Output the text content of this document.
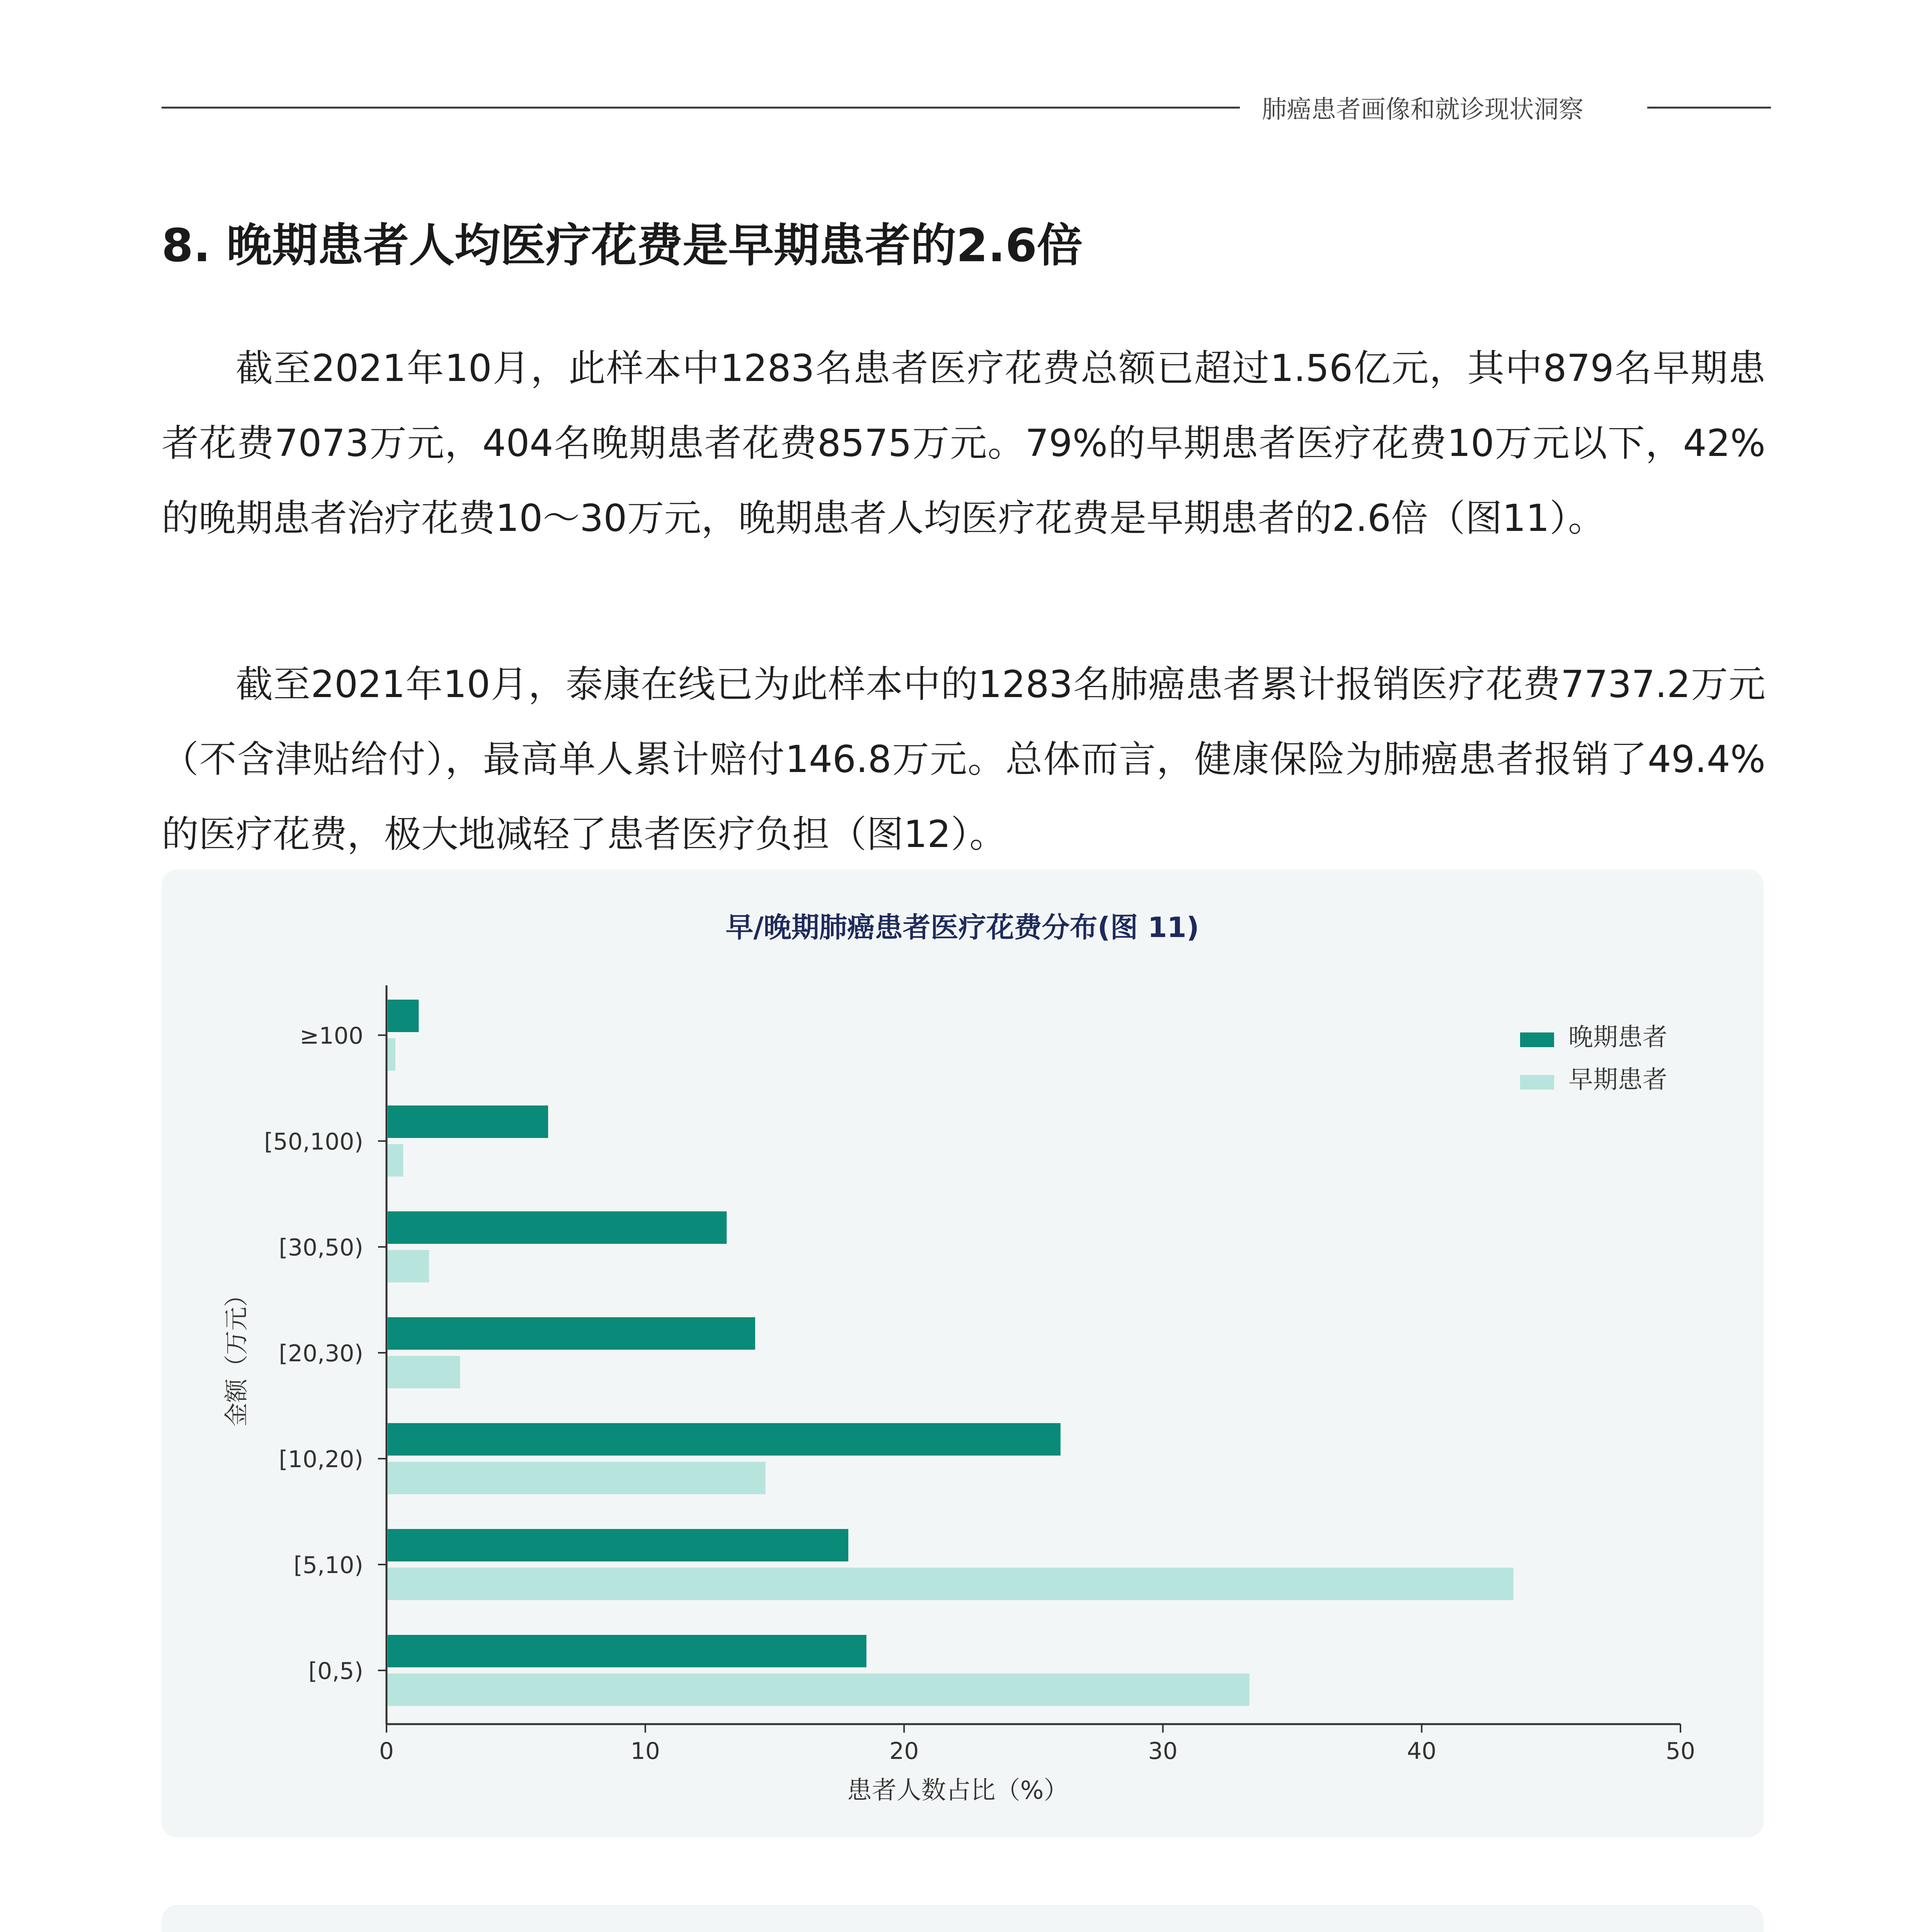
肺癌患者画像和就诊现状洞察
8. 晚期患者人均医疗花费是早期患者的2.6倍

截至2021年10月，此样本中1283名患者医疗花费总额已超过1.56亿元，其中879名早期患者花费7073万元，404名晚期患者花费8575万元。79%的早期患者医疗花费10万元以下，42%的晚期患者治疗花费10～30万元，晚期患者人均医疗花费是早期患者的2.6倍（图11）。

截至2021年10月，泰康在线已为此样本中的1283名肺癌患者累计报销医疗花费7737.2万元（不含津贴给付），最高单人累计赔付146.8万元。总体而言，健康保险为肺癌患者报销了49.4%的医疗花费，极大地减轻了患者医疗负担（图12）。

早/晚期肺癌患者医疗花费分布(图 11)
0	10	20	30	40	50
患者人数占比（%）
金额（万元）
[0,5)
[5,10)
[10,20)
[20,30)
[30,50)
[50,100)
≥100	晚期患者
早期患者
